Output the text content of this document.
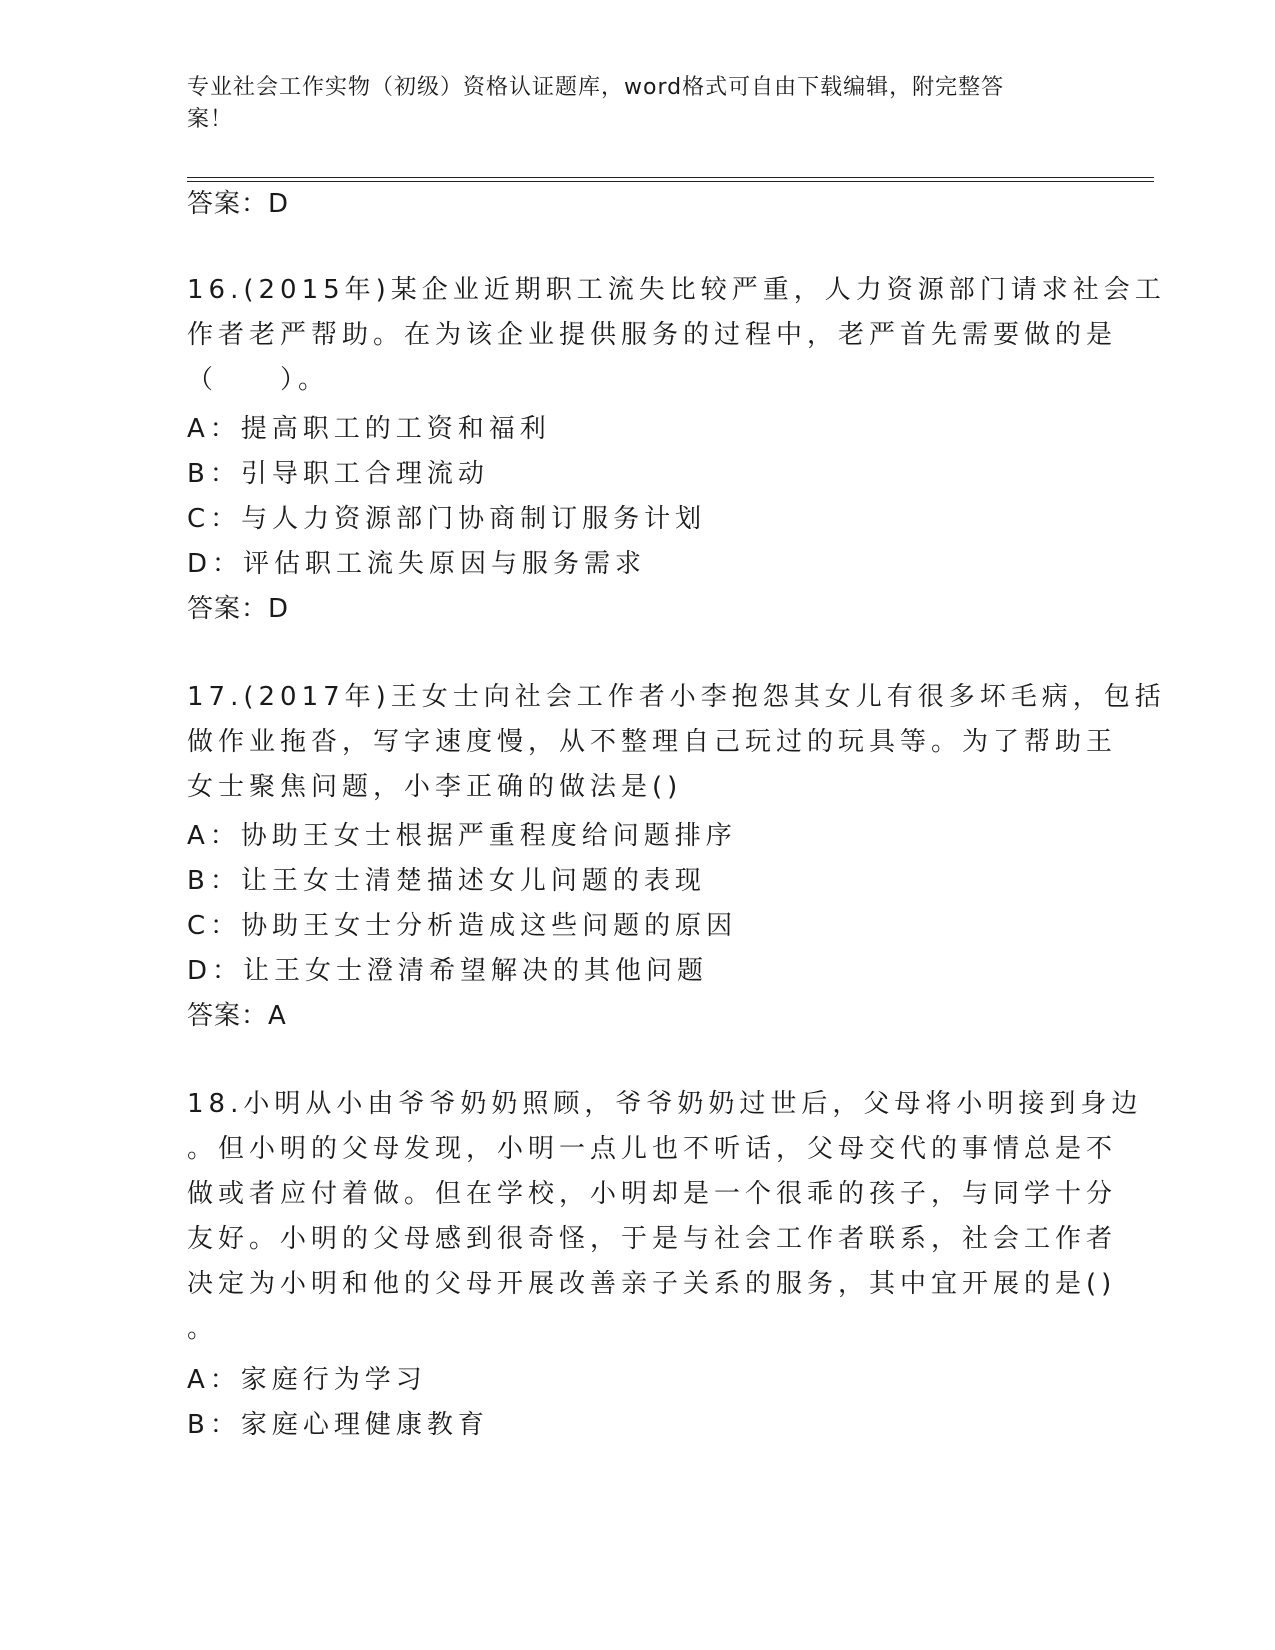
专业社会工作实物（初级）资格认证题库，word格式可自由下载编辑，附完整答
案！
答案：D
16.(2015年)某企业近期职工流失比较严重，人力资源部门请求社会工
作者老严帮助。在为该企业提供服务的过程中，老严首先需要做的是
（　　）。
A：提高职工的工资和福利
B：引导职工合理流动
C：与人力资源部门协商制订服务计划
D：评估职工流失原因与服务需求
答案：D
17.(2017年)王女士向社会工作者小李抱怨其女儿有很多坏毛病，包括
做作业拖沓，写字速度慢，从不整理自己玩过的玩具等。为了帮助王
女士聚焦问题，小李正确的做法是()
A：协助王女士根据严重程度给问题排序
B：让王女士清楚描述女儿问题的表现
C：协助王女士分析造成这些问题的原因
D：让王女士澄清希望解决的其他问题
答案：A
18.小明从小由爷爷奶奶照顾，爷爷奶奶过世后，父母将小明接到身边
。但小明的父母发现，小明一点儿也不听话，父母交代的事情总是不
做或者应付着做。但在学校，小明却是一个很乖的孩子，与同学十分
友好。小明的父母感到很奇怪，于是与社会工作者联系，社会工作者
决定为小明和他的父母开展改善亲子关系的服务，其中宜开展的是()
。
A：家庭行为学习
B：家庭心理健康教育
